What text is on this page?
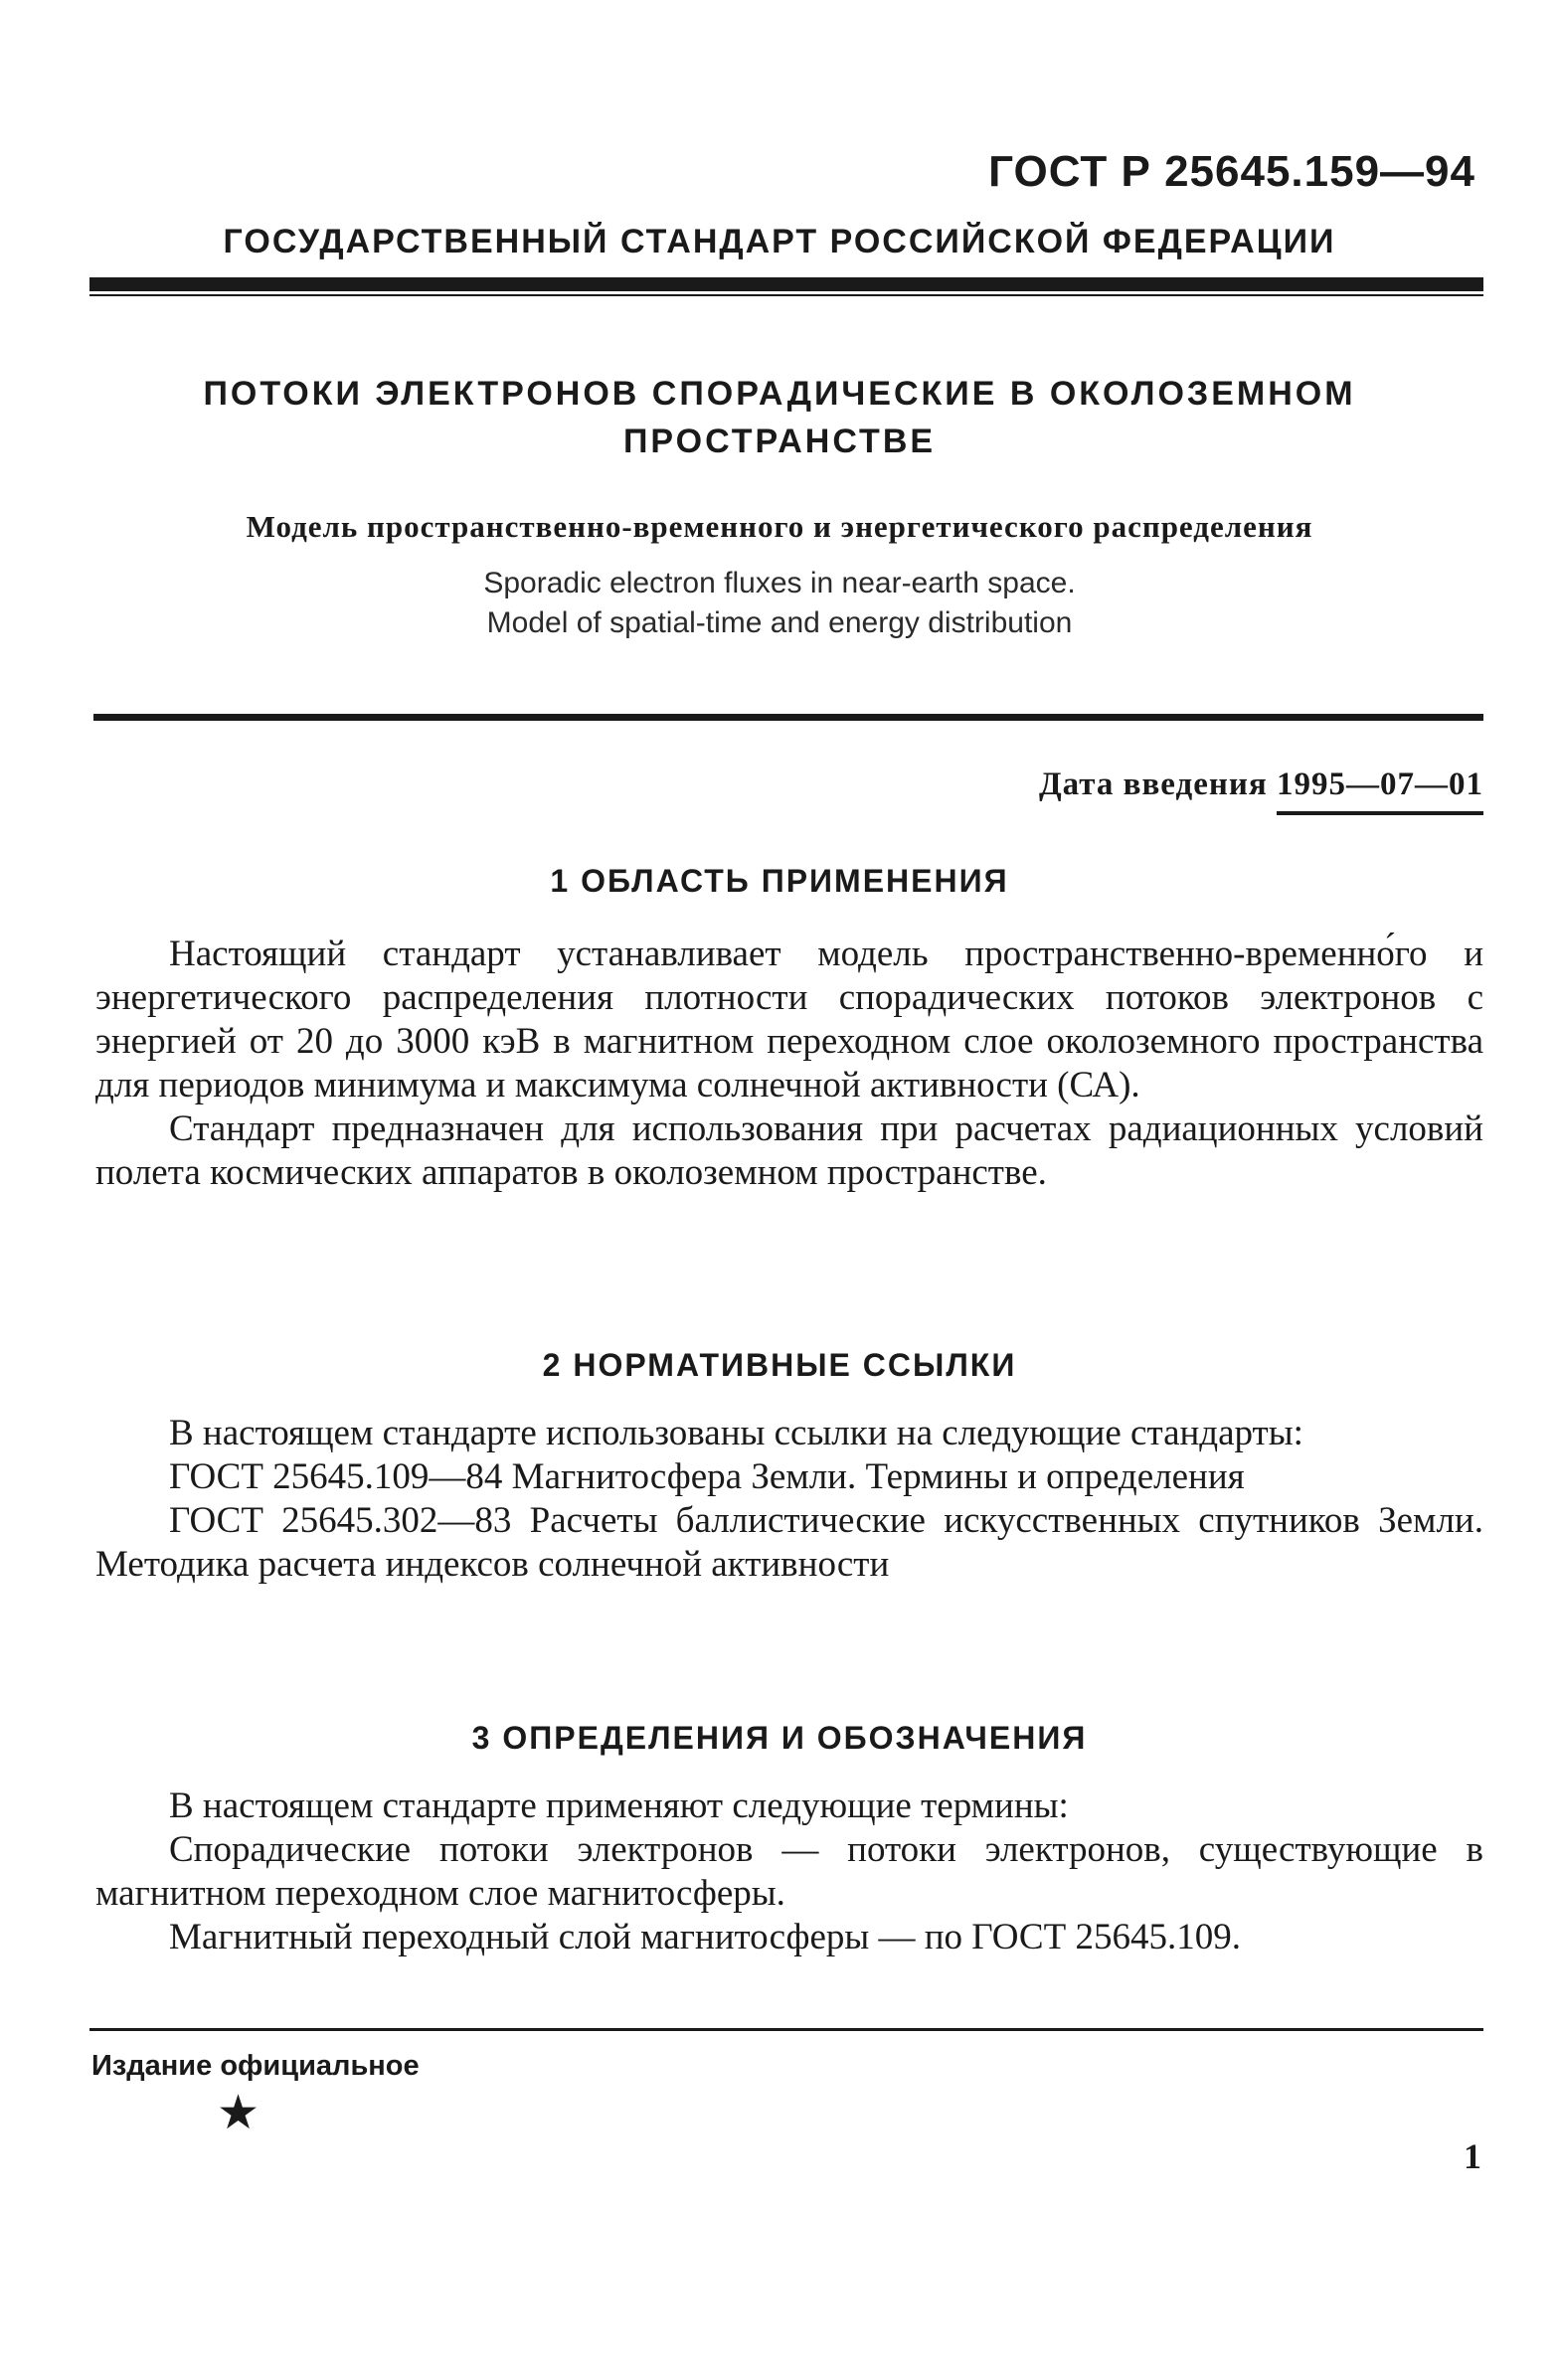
ГОСТ Р 25645.159—94
ГОСУДАРСТВЕННЫЙ СТАНДАРТ РОССИЙСКОЙ ФЕДЕРАЦИИ
ПОТОКИ ЭЛЕКТРОНОВ СПОРАДИЧЕСКИЕ В ОКОЛОЗЕМНОМ
ПРОСТРАНСТВЕ
Модель пространственно-временного и энергетического распределения
Sporadic electron fluxes in near-earth space.
Model of spatial-time and energy distribution
Дата введения 1995—07—01
1 ОБЛАСТЬ ПРИМЕНЕНИЯ

Настоящий стандарт устанавливает модель пространственно-временно́го и энергетического распределения плотности спорадических потоков электронов с энергией от 20 до 3000 кэВ в магнитном переходном слое околоземного пространства для периодов минимума и максимума солнечной активности (СА).

Стандарт предназначен для использования при расчетах радиационных условий полета космических аппаратов в околоземном пространстве.

2 НОРМАТИВНЫЕ ССЫЛКИ

В настоящем стандарте использованы ссылки на следующие стандарты:

ГОСТ 25645.109—84 Магнитосфера Земли. Термины и определения

ГОСТ 25645.302—83 Расчеты баллистические искусственных спутников Земли. Методика расчета индексов солнечной активности

3 ОПРЕДЕЛЕНИЯ И ОБОЗНАЧЕНИЯ

В настоящем стандарте применяют следующие термины:

Спорадические потоки электронов — потоки электронов, существующие в магнитном переходном слое магнитосферы.

Магнитный переходный слой магнитосферы — по ГОСТ 25645.109.

Издание официальное
★
1
